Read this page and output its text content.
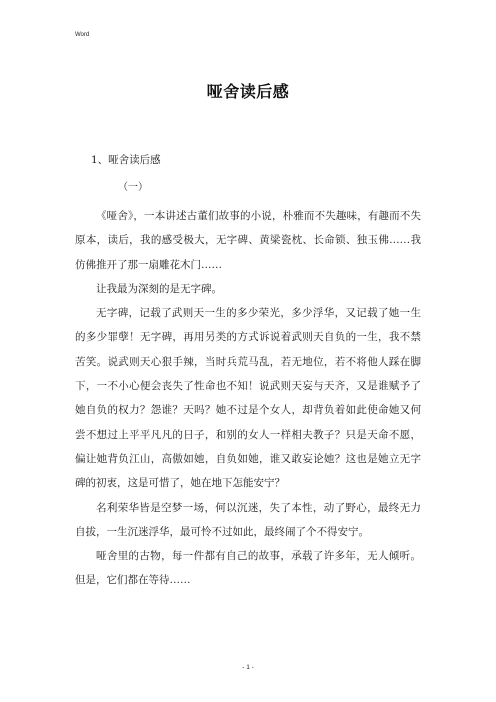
Word
哑舍读后感
1、哑舍读后感
（一）

《哑舍》，一本讲述古董们故事的小说，朴雅而不失趣味，有趣而不失原本，读后，我的感受极大，无字碑、黄梁瓷枕、长命锁、独玉佛……我仿佛推开了那一扇雕花木门……

让我最为深刻的是无字碑。

无字碑，记载了武则天一生的多少荣光，多少浮华，又记载了她一生的多少罪孽！无字碑，再用另类的方式诉说着武则天自负的一生，我不禁苦笑。说武则天心狠手辣，当时兵荒马乱，若无地位，若不将他人踩在脚下，一不小心便会丧失了性命也不知！说武则天妄与天齐，又是谁赋予了她自负的权力？怨谁？天吗？她不过是个女人，却背负着如此使命她又何尝不想过上平平凡凡的日子，和别的女人一样相夫教子？只是天命不愿，偏让她背负江山，高傲如她，自负如她，谁又敢妄论她？这也是她立无字碑的初衷，这是可惜了，她在地下怎能安宁？

名利荣华皆是空梦一场，何以沉迷，失了本性，动了野心，最终无力自拔，一生沉迷浮华，最可怜不过如此，最终闹了个不得安宁。

哑舍里的古物，每一件都有自己的故事，承载了许多年，无人倾听。但是，它们都在等待……

- 1 -
